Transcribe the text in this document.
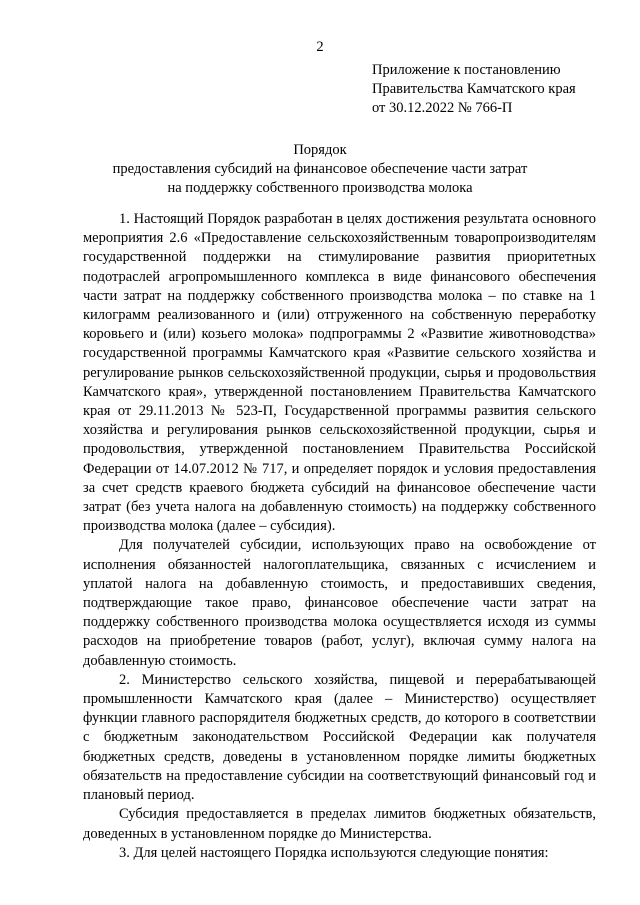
2
Приложение к постановлению
Правительства Камчатского края
от 30.12.2022 № 766-П
Порядок
предоставления субсидий на финансовое обеспечение части затрат
на поддержку собственного производства молока

1. Настоящий Порядок разработан в целях достижения результата основного мероприятия 2.6 «Предоставление сельскохозяйственным товаропроизводителям государственной поддержки на стимулирование развития приоритетных подотраслей агропромышленного комплекса в виде финансового обеспечения части затрат на поддержку собственного производства молока – по ставке на 1 килограмм реализованного и (или) отгруженного на собственную переработку коровьего и (или) козьего молока» подпрограммы 2 «Развитие животноводства» государственной программы Камчатского края «Развитие сельского хозяйства и регулирование рынков сельскохозяйственной продукции, сырья и продовольствия Камчатского края», утвержденной постановлением Правительства Камчатского края от 29.11.2013 № 523-П, Государственной программы развития сельского хозяйства и регулирования рынков сельскохозяйственной продукции, сырья и продовольствия, утвержденной постановлением Правительства Российской Федерации от 14.07.2012 № 717, и определяет порядок и условия предоставления за счет средств краевого бюджета субсидий на финансовое обеспечение части затрат (без учета налога на добавленную стоимость) на поддержку собственного производства молока (далее – субсидия).

Для получателей субсидии, использующих право на освобождение от исполнения обязанностей налогоплательщика, связанных с исчислением и уплатой налога на добавленную стоимость, и предоставивших сведения, подтверждающие такое право, финансовое обеспечение части затрат на поддержку собственного производства молока осуществляется исходя из суммы расходов на приобретение товаров (работ, услуг), включая сумму налога на добавленную стоимость.

2. Министерство сельского хозяйства, пищевой и перерабатывающей промышленности Камчатского края (далее – Министерство) осуществляет функции главного распорядителя бюджетных средств, до которого в соответствии с бюджетным законодательством Российской Федерации как получателя бюджетных средств, доведены в установленном порядке лимиты бюджетных обязательств на предоставление субсидии на соответствующий финансовый год и плановый период.

Субсидия предоставляется в пределах лимитов бюджетных обязательств, доведенных в установленном порядке до Министерства.

3. Для целей настоящего Порядка используются следующие понятия:
